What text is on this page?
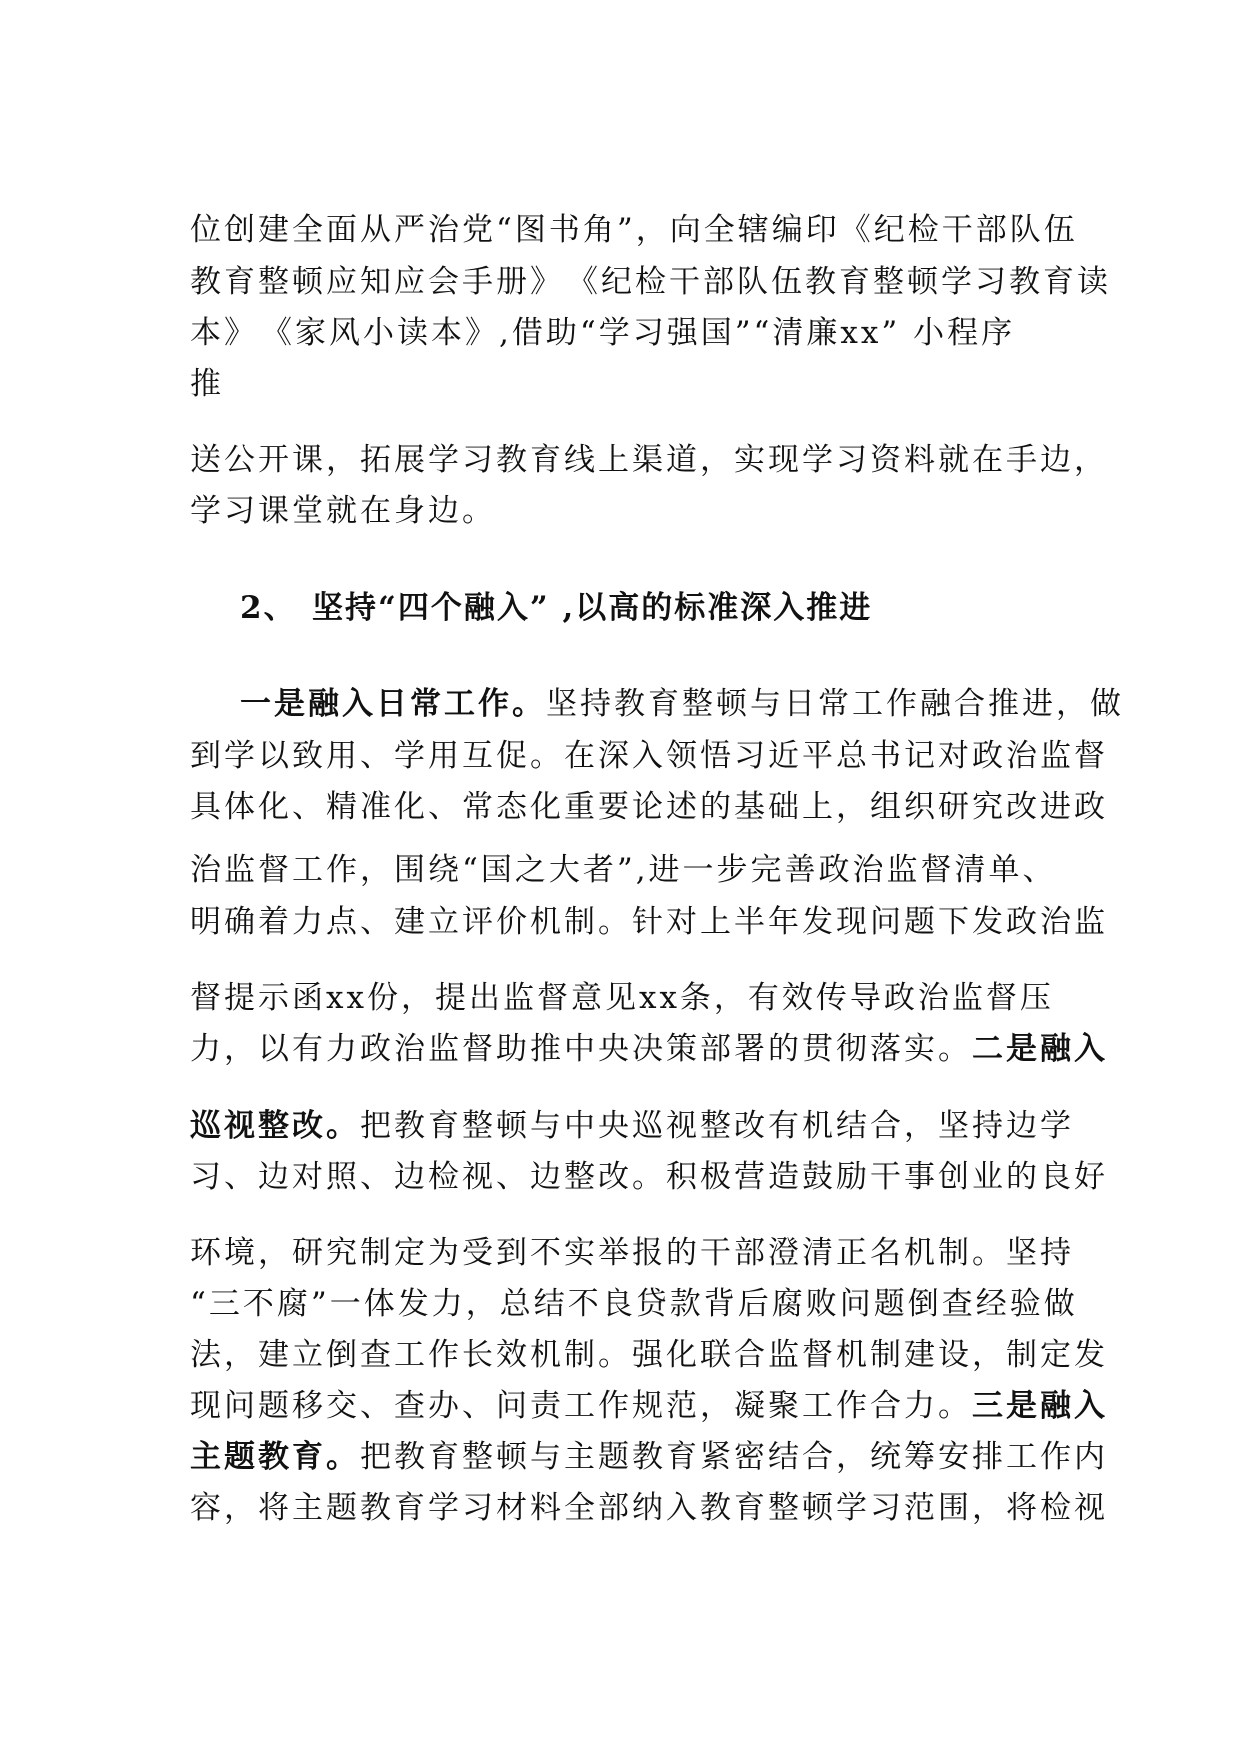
位创建全面从严治党“图书角”，向全辖编印《纪检干部队伍
教育整顿应知应会手册》　《纪检干部队伍教育整顿学习教育读
本》　《家风小读本》,借助“学习强国”“清廉xx” 小程序
推
送公开课，拓展学习教育线上渠道，实现学习资料就在手边，
学习课堂就在身边。
2、 坚持“四个融入” ,以高的标准深入推进
一是融入日常工作。坚持教育整顿与日常工作融合推进，做
到学以致用、学用互促。在深入领悟习近平总书记对政治监督
具体化、精准化、常态化重要论述的基础上，组织研究改进政
治监督工作，围绕“国之大者”,进一步完善政治监督清单、
明确着力点、建立评价机制。针对上半年发现问题下发政治监
督提示函xx份，提出监督意见xx条，有效传导政治监督压
力，以有力政治监督助推中央决策部署的贯彻落实。二是融入
巡视整改。把教育整顿与中央巡视整改有机结合，坚持边学
习、边对照、边检视、边整改。积极营造鼓励干事创业的良好
环境，研究制定为受到不实举报的干部澄清正名机制。坚持
“三不腐”一体发力，总结不良贷款背后腐败问题倒查经验做
法，建立倒查工作长效机制。强化联合监督机制建设，制定发
现问题移交、查办、问责工作规范，凝聚工作合力。三是融入
主题教育。把教育整顿与主题教育紧密结合，统筹安排工作内
容，将主题教育学习材料全部纳入教育整顿学习范围，将检视
